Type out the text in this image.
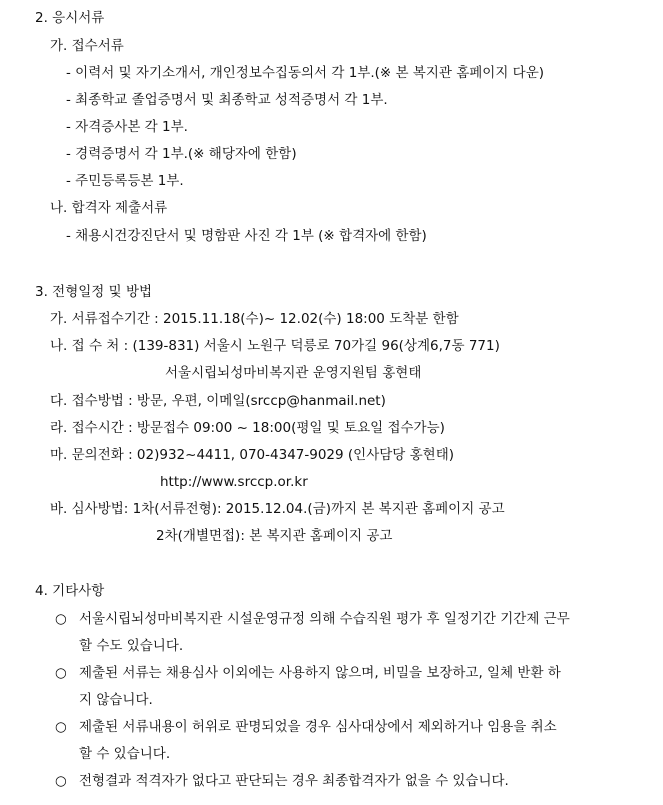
2. 응시서류
가. 접수서류
- 이력서 및 자기소개서, 개인정보수집동의서 각 1부.(※ 본 복지관 홈페이지 다운)
- 최종학교 졸업증명서 및 최종학교 성적증명서 각 1부.
- 자격증사본 각 1부.
- 경력증명서 각 1부.(※ 해당자에 한함)
- 주민등록등본 1부.
나. 합격자 제출서류
- 채용시건강진단서 및 명함판 사진 각 1부 (※ 합격자에 한함)
3. 전형일정 및 방법
가. 서류접수기간 : 2015.11.18(수)~ 12.02(수) 18:00 도착분 한함
나. 접 수 처 : (139-831) 서울시 노원구 덕릉로 70가길 96(상계6,7동 771)
서울시립뇌성마비복지관 운영지원팀 홍현태
다. 접수방법 : 방문, 우편, 이메일(srccp@hanmail.net)
라. 접수시간 : 방문접수 09:00 ~ 18:00(평일 및 토요일 접수가능)
마. 문의전화 : 02)932~4411, 070-4347-9029 (인사담당 홍현태)
http://www.srccp.or.kr
바. 심사방법: 1차(서류전형): 2015.12.04.(금)까지 본 복지관 홈페이지 공고
2차(개별면접): 본 복지관 홈페이지 공고
4. 기타사항
○ 서울시립뇌성마비복지관 시설운영규정 의해 수습직원 평가 후 일정기간 기간제 근무
할 수도 있습니다.
○ 제출된 서류는 채용심사 이외에는 사용하지 않으며, 비밀을 보장하고, 일체 반환 하
지 않습니다.
○ 제출된 서류내용이 허위로 판명되었을 경우 심사대상에서 제외하거나 임용을 취소
할 수 있습니다.
○ 전형결과 적격자가 없다고 판단되는 경우 최종합격자가 없을 수 있습니다.
